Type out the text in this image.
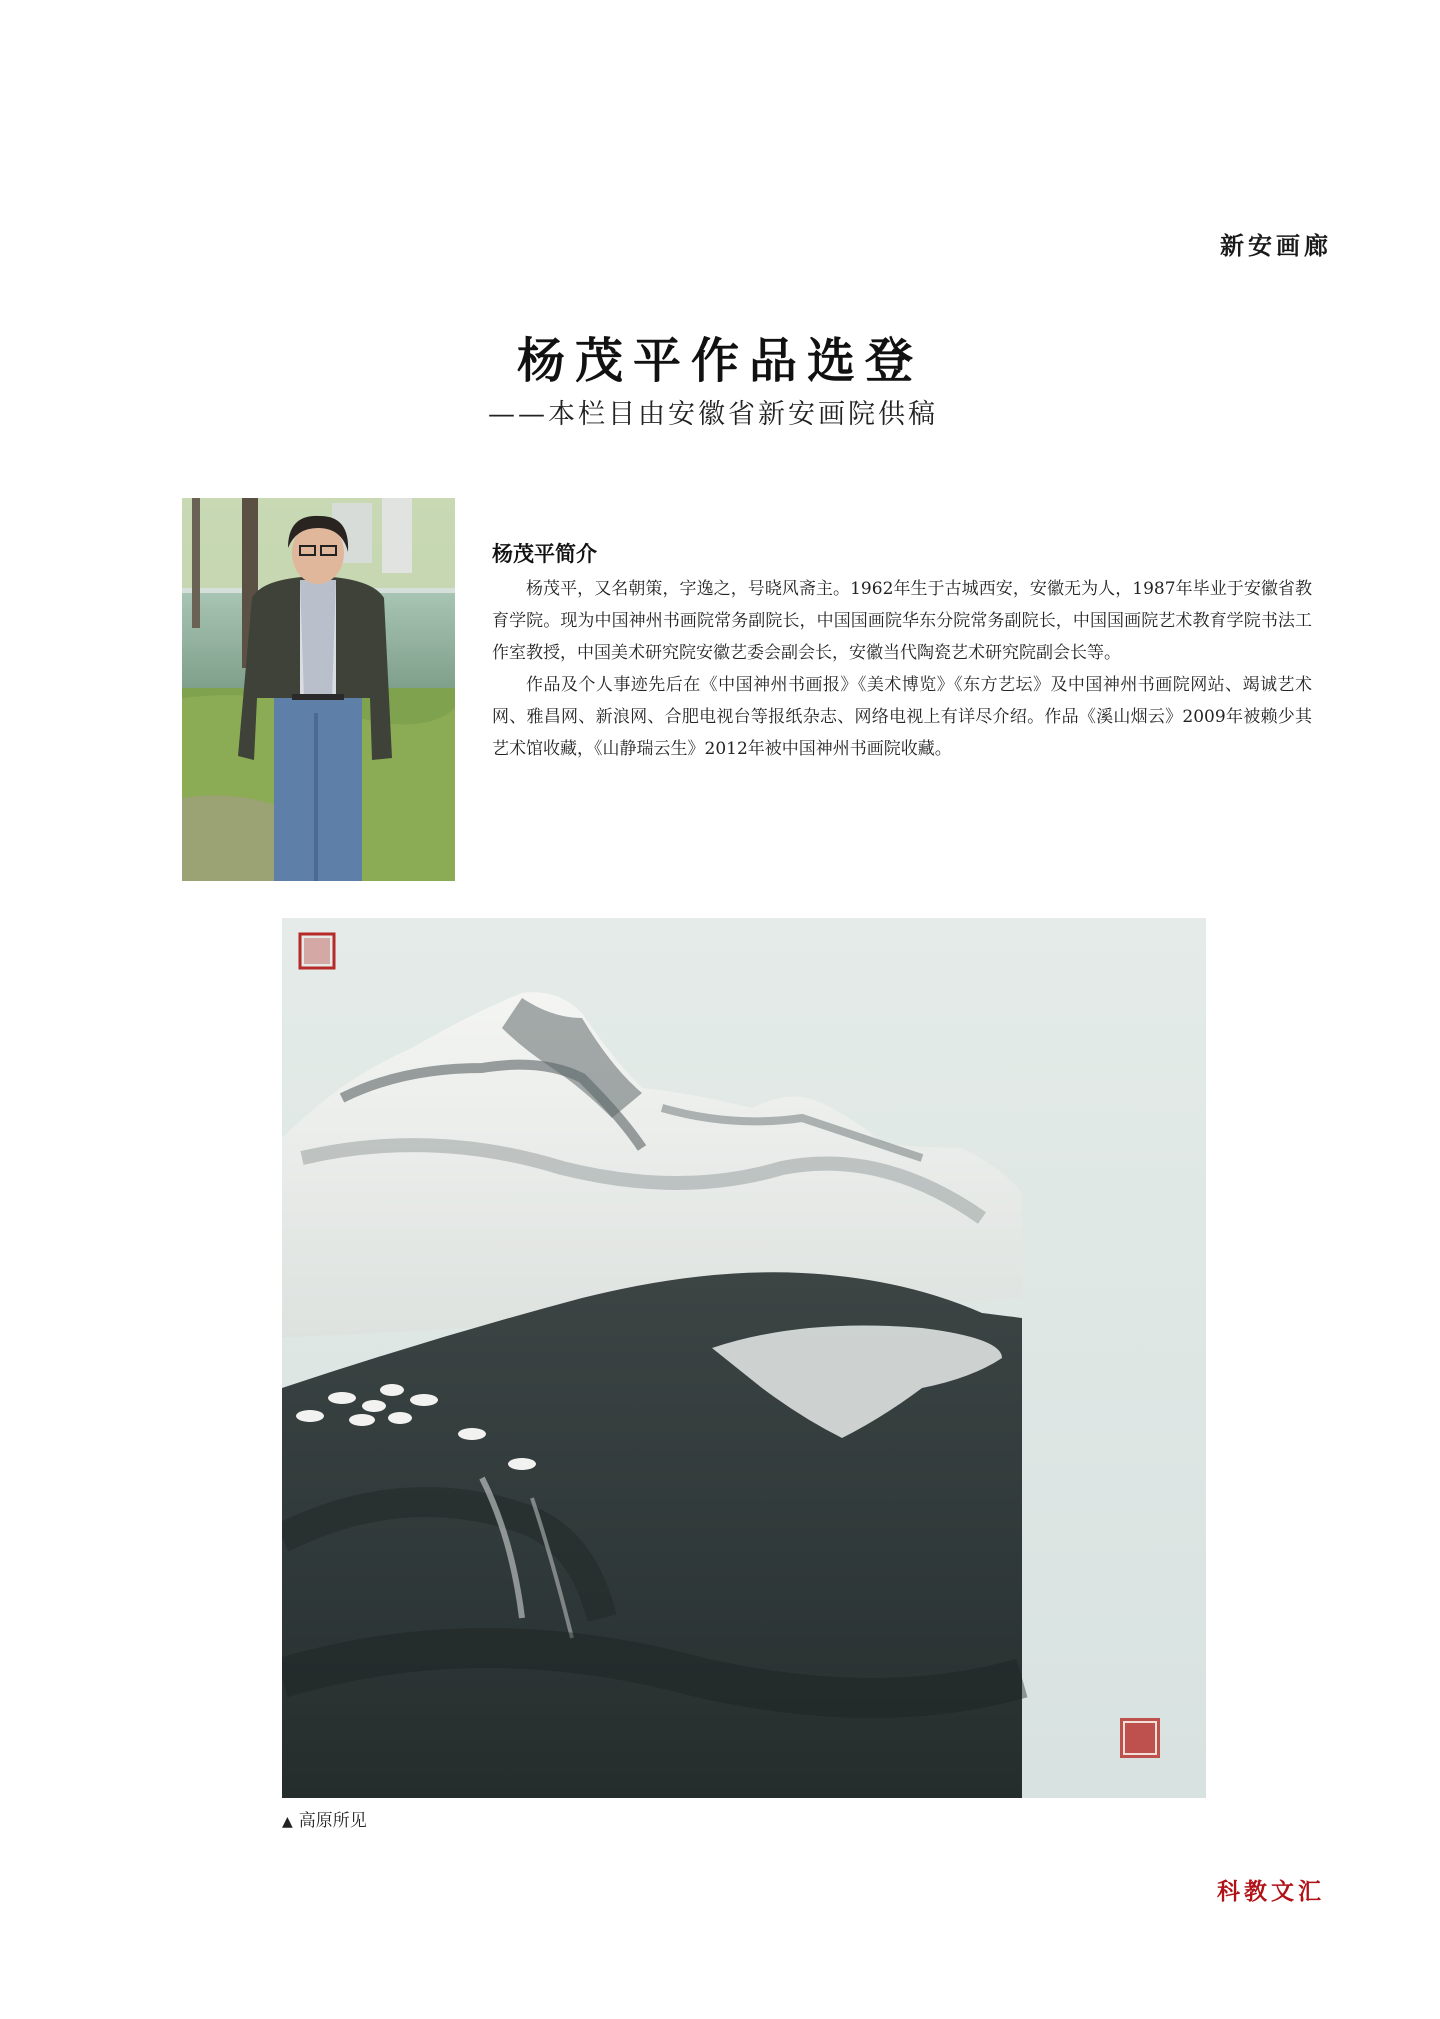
新安画廊
杨茂平作品选登
——本栏目由安徽省新安画院供稿
杨茂平简介

杨茂平，又名朝策，字逸之，号晓风斋主。1962年生于古城西安，安徽无为人，1987年毕业于安徽省教育学院。现为中国神州书画院常务副院长，中国国画院华东分院常务副院长，中国国画院艺术教育学院书法工作室教授，中国美术研究院安徽艺委会副会长，安徽当代陶瓷艺术研究院副会长等。

作品及个人事迹先后在《中国神州书画报》《美术博览》《东方艺坛》及中国神州书画院网站、竭诚艺术网、雅昌网、新浪网、合肥电视台等报纸杂志、网络电视上有详尽介绍。作品《溪山烟云》2009年被赖少其艺术馆收藏，《山静瑞云生》2012年被中国神州书画院收藏。

▲ 高原所见
科教文汇
